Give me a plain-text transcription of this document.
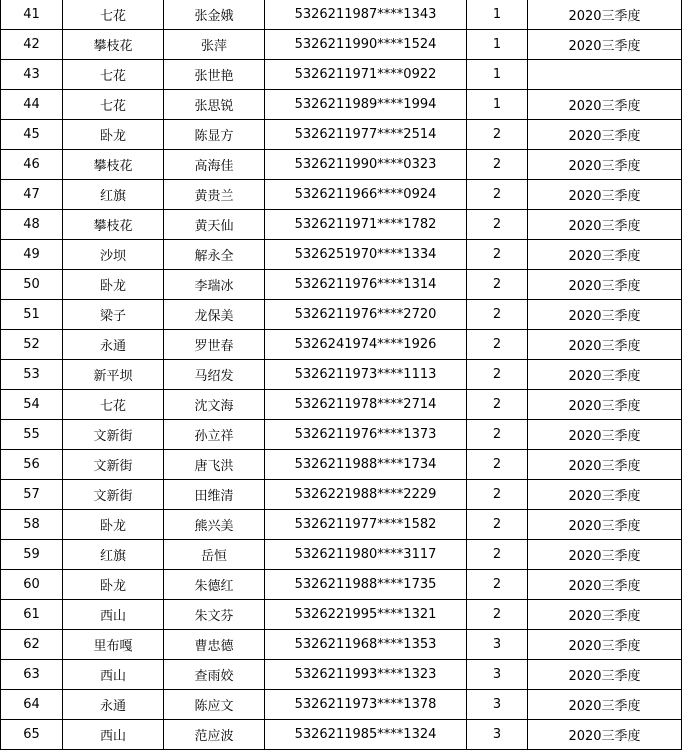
41	七花	张金娥	5326211987****1343	1	2020三季度
42	攀枝花	张萍	5326211990****1524	1	2020三季度
43	七花	张世艳	5326211971****0922	1	
44	七花	张思锐	5326211989****1994	1	2020三季度
45	卧龙	陈显方	5326211977****2514	2	2020三季度
46	攀枝花	高海佳	5326211990****0323	2	2020三季度
47	红旗	黄贵兰	5326211966****0924	2	2020三季度
48	攀枝花	黄天仙	5326211971****1782	2	2020三季度
49	沙坝	解永全	5326251970****1334	2	2020三季度
50	卧龙	李瑞冰	5326211976****1314	2	2020三季度
51	梁子	龙保美	5326211976****2720	2	2020三季度
52	永通	罗世春	5326241974****1926	2	2020三季度
53	新平坝	马绍发	5326211973****1113	2	2020三季度
54	七花	沈文海	5326211978****2714	2	2020三季度
55	文新街	孙立祥	5326211976****1373	2	2020三季度
56	文新街	唐飞洪	5326211988****1734	2	2020三季度
57	文新街	田维清	5326221988****2229	2	2020三季度
58	卧龙	熊兴美	5326211977****1582	2	2020三季度
59	红旗	岳恒	5326211980****3117	2	2020三季度
60	卧龙	朱德红	5326211988****1735	2	2020三季度
61	西山	朱文芬	5326221995****1321	2	2020三季度
62	里布嘎	曹忠德	5326211968****1353	3	2020三季度
63	西山	查雨姣	5326211993****1323	3	2020三季度
64	永通	陈应文	5326211973****1378	3	2020三季度
65	西山	范应波	5326211985****1324	3	2020三季度
